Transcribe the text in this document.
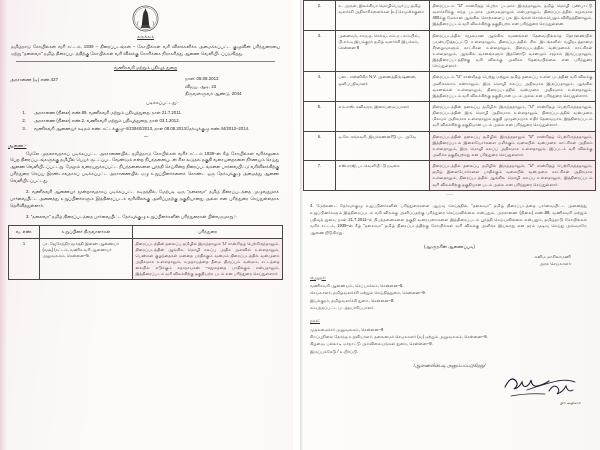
சுருக்கம்
தமிழ்நாடு கோயில்கள் வரி சட்டம், 1939 – திரைப்படங்கள் – கோயில்கள் வரி விலக்களிக்க அமைக்கப்பட்ட குழுவின் பரிந்துரையை ஏற்று "தலைவா" தமிழ் திரைப்படத்திற்கு கோயில்கள் வரி விலக்கு கோரிக்கை நிராகரித்து ஆணை வெளியிடப்படுகிறது.
வணிகவரி மற்றும் பதிவுத் துறை
அரசாணை (டி) எண்.427	நாள்: 08.08.2013
விஜய, ஆடி, 23
திருவள்ளுவர் ஆண்டு, 2044
படிக்கப்பட்டது:-
1.	அரசாணை (நிலை) எண்.89, வணிகவரி மற்றும் பதிவுத்துறை, நாள் 21.7.2011.
2.	அரசாணை (நிலை) எண்.2, வணிகவரி மற்றும் பதிவுத்துறை, நாள் 03.1.2012.
3.	வணிகவரி ஆணையர் கடிதம் எண். கட்டக்குழு–4/23940/2013, நாள் 08.08.2013தேர்வுக்குழு எண்.44/2013–2014.
-----
ஆணை:-

மேலே முதலாவதாகப் படிக்கப்பட்ட அரசாணையில், தமிழ்நாடு கோயில்கள் வரிச் சட்டம் 1939–ன் கீழ் கோயில்கள வரிச்சலுகை பெற திரைப்படங்களுக்கு தமிழில் பெயர் சூட்டப்பட வேண்டும் என்ற நிபந்தனையுடன் சில கூடுதல் தகுதி வரையறைகளை நிர்ணயம் செய்து ஆணை வெளியிடப்பட்டது. மேலும் வரையறுக்கப்பட்ட நிபந்தனைகளை பூர்த்தி செய்கின்ற திரைப்படங்களை பார்வையிட்டு வரிவிலக்கிற்கு பரிந்துரை செய்ய இரண்டாவதாகப் படிக்கப்பட்ட அரசாணையில் ஏழு உறுப்பினர்களைக் கொண்ட ஒரு தேர்வுக்குழு அமைத்து ஆணை வெளியிடப்பட்டது.

2. வணிகவரி ஆணையர் மூன்றாவதாகப் படிக்கப்பட்ட கடிதத்தில், மேற்படி ஒரு "தலைவா" தமிழ் திரைப்படத்தை முழுவதுமாக பார்வையிட்ட அனைத்து உறுப்பினர்களும் இத்திரைப்படம் வரிவிலக்கு அளிப்பதற்கு தகுதியானது அல்ல என பரிந்துரை செய்துள்ளதாக தெரிவித்துள்ளார்.

3. "தலைவா" தமிழ் திரைப்படத்தை பார்வையிட்ட தேர்வுக்குழு உறுப்பினர்களின் பரிந்துரைகள் பின்வருமாறு :-

வ. எண்.	உறுப்பினர் திருவாளர்கள்	பரிந்துரை
1	பா. ஜேகேந்திர மூர்த்தி இணை ஆணையர் (வசூ) (சட்டம், வணிக வரி ஆணையர் அலுவலகம், சென்னை–5.	திரைப்படத்தின் தலைப்பு தமிழில் இருந்தாலும் 'U' சான்றிதழ் பெற்றிருந்தாலும், திரைப்படத்தின் ஆங்கில மொழி கலப்பு அதிக அளவில் உள்ளதாலும், பெண்கள் குழந்தைகள் மனதை பாதிக்கும் வன்மம் திரைப்படத்தில் வன்முறை அதிகமாக உள்ளதாலும், சமுதாயத்தை தீமை திருப்பும் வன்மம், சட்டத்தை கையில் எடுக்கும் கதாநாயகன் –சமூகத்தை பாதிக்கும் என்பதாலும், இத்திரைப்படம் வரி விலக்கிற்கு தகுதியற்ற படம் என பரிந்துரை செய்துள்ளார்.
2.	உ. அருள், இலக்கியா மொழிபெயர்ப்பு தமிழ் வளர்ச்சி அதிகாரிகளைக்கள் (உ) செயலிக்குறை	திரைப்படம் "U" சான்றிதழ் பெற்ற படமாக இருந்தாலும், தமிழ் மொழி பண்பாட்டு வளர்ச்சிக்கு எந்த படமாக அமைவதாலும் என்பதாலும், திரைப்படத்தில் சமூகமாக 400க்கு மேலான ஆங்கில சொற்களைப் பல இடங்கள் சொல்லபெறும் விகிதத்தினாலும், இத்திரைப்படம் வரி விலக்கிற்கு தகுதியற்ற என பரிந்துரை செய்துள்ளன.
3.	முனைவர், காரு.த. செல்வ, எம்.ஏ., எம்.பில்., பி.எச்.டி இயக்குநர் தமிழ் வளர்ச்சி இயக்கம், சென்னை 8	திரைப்படத்தில் சமூகமான ஆங்கில வசனங்கள் தேவையில்லாத தோரணையில் பயன்படுத்தப்பட்டு உள்ளதாலும், திரைப்படத்தில் சில இடங்களில் வழிநடத்தாமை சீரழைவுகளும் காட்சிகள் உள்ளதாலும், திரைப்படத்தில் வன்முறைக் காட்சிகள் உள்ளதாலும், ஆங்கில வசனங்களும் இதனோடு வசனமும் சமூகம் இருப்பதாலும், இத்திரைப்படத்திற்கு வரி விலக்கு அளிக்க தேவையில்லை என பரிந்துரை செய்துள்ளார்.
4.	படை என்னிகிற N.V. அணைத்திருஷ்ணன், ஒளிப்பதிவாளர்	திரைப்படம் "U" சான்றிதழ் பெற்று மற்றும் தமிழ் தலைப்பு உள்ள படத்தின் வரி விலக்கு அளிக்கலாம் என்றாலும், இரு மொழி கலப்பு அதிகமாக இருப்பதாலும், ஆங்கில வசனங்கள் உள்ளதாலும், திரைப்படத்தில் வன்முறை அதிகமாக உள்ளதாலும், இத்திரைப்படம் வரி விலக்கிற்கு தகுதியான படம் அல்ல என பரிந்துரை செய்துள்ளார்.
5.	எம்.எஸ். கவிவரசு, இசையமைப்பாளர்	திரைப்படத்தின் தலைப்பு தமிழில் இருந்ததாலும், "U" சான்றிதழ் பெற்றிருந்ததாலும், திரைப்படத்தின் இரு மொழி அதிகமாக உள்ளதாலும், திரைப்படத்தில் வன்முறை மிகவும் அதிகமாக உள்ளதாலும் தகுதி முழுமையாக எதிர் தேவையாக, இத்திரைப்படம் வரி விலக்கிற்கு தகுதியான படம் அல்ல என பரிந்துரை செய்துள்ளார்.
6.	டி.கே. கங்கவரி, இயக்கணனரீடு பட அவே	திரைப்படத்தின் தலைப்பு தமிழில் இருந்ததாலும் "U" சான்றிதழ் பெற்றிருந்ததாலும், இத்திரைப்படம் இளையோர்களை மறிக்கும் வகையில் வன்முறை காட்சிகள் அதிகம் உள்ளதாலும், இரு மொழி கலப்பு அதிகமாக உள்ளதாலும், இப்படம் வரி விலக்கு அளிக்க தகுதியற்றது என பரிந்துரை செய்துள்ளார்.
7.	எஸ்.ராஜி, படவெளியீட்டு நடிகை	திரைப்படத்தில் தலைப்பு தமிழில் இருந்ததாலும், "U" சான்றிதழ் பெற்றிருந்ததாலும், தமிழ் இளையோர்களை பாதிக்கும் வகையில் வன்முறை காட்சிகள் அதிகமாக உள்ளதாலும், திரைப்படத்தில் ஆங்கில மொழி கலப்பு உள்ளதாலும், இத்திரைப்படம் வரி விலக்கிற்கு தகுதியான படம் அல்ல என பரிந்துரை செய்துள்ளார்.
-----
4. மேற்கண்ட தேர்வுக்குழு உறுப்பினர்களின் பரிந்துரைகளை ஆய்வு செய்ததில், "தலைவா" தமிழ் திரைப்படத்தை பார்வையிட்ட அனைத்து உறுப்பினர்களும் இத்திரைப்படம் வரி விலக்கு அளிப்பதற்கு பரிந்துரை செய்யவில்லை என்பதும், அரசாணை (நிலை) எண்.89, வணிகவரி மற்றும் பதிவுத் துறை, நாள் 21.7.2011–ல் நிபந்தனைகளை தகுதி வரையறைகளை இத்திரைப்படம் பூர்த்தி செய்யவில்லை என்பதும், தமிழ்நாடு கோயில்கள் வரிச் சட்டம், 1939–ன் கீழ் "தலைவா" தமிழ் திரைப்படத்திற்கு கோயில்கள் வரி விலக்கு அளிக்க இயலாது என தரம் முடிவு செய்து அவ்வாறே ஆணையிடுகிறது.
(ஆளுநரின் ஆணைப்படி)
கனிம மாசிலாமணி
அரசு செயலாளர்
பெறுநர்:
வணிகவரி ஆணையம், செப்பாக்கம், சென்னை–5.
செயலாளர், தமிழ்வளர்ச்சி மற்றும் செய்தித்துறை, சென்னை–9.
இயக்குநர், தமிழ்வளர்ச்சி துறை, சென்னை–8.
சம்பந்தப்பட்ட படத்தயாரிப்பாளர்.
நகல்:
முதலமைச்சர் அலுவலகம், சென்னை–9
சிறப்புநிலை தேர்ந்த உதவியாளர், தலைமைச் செயலாளர் (வ) மற்றும் அலுவலகம், சென்னை–9.
கிழமை, பல்லாடி மாநாட்டு அறவிலையங்கள் துறை, சென்னை–9.
இருப்பக்கேடு / உயிர்ப்பி.
/ஆணையின்படி அனுப்பப்படுகிறது/
பிரி அதிகாரி
